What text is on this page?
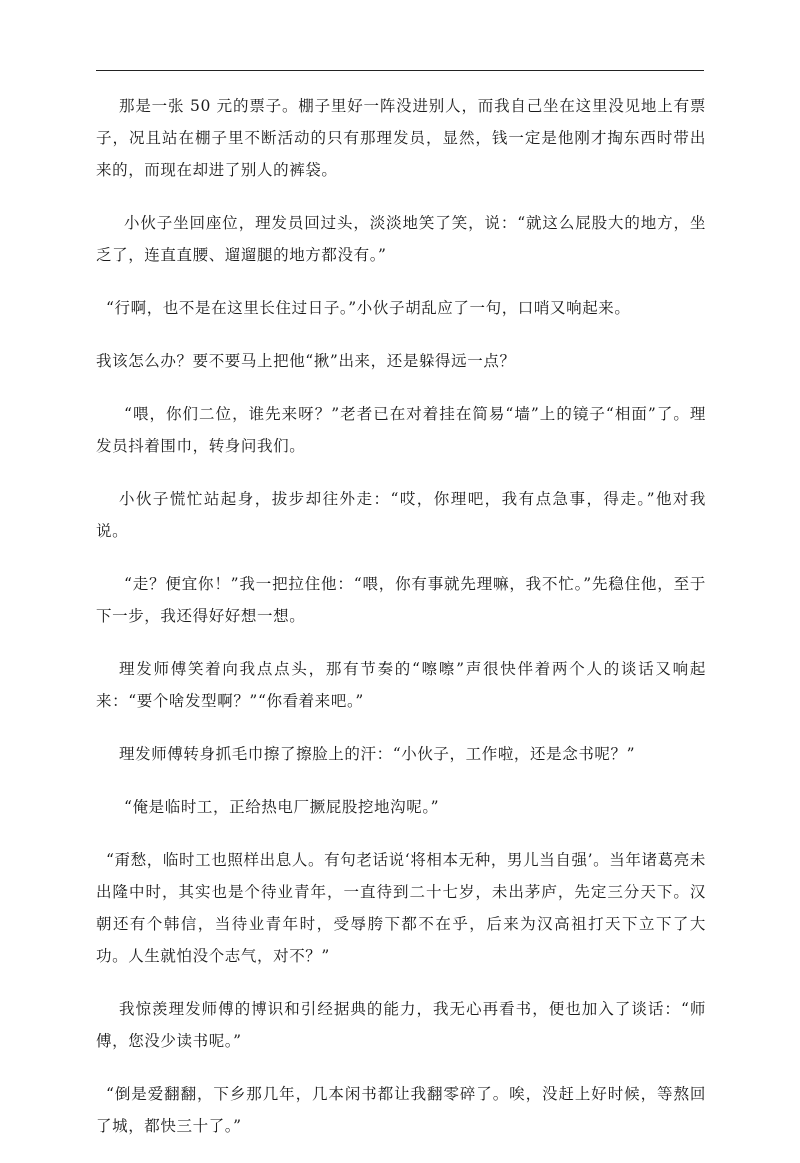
那是一张 50 元的票子。棚子里好一阵没进别人，而我自己坐在这里没见地上有票子，况且站在棚子里不断活动的只有那理发员，显然，钱一定是他刚才掏东西时带出来的，而现在却进了别人的裤袋。

小伙子坐回座位，理发员回过头，淡淡地笑了笑，说：“就这么屁股大的地方，坐乏了，连直直腰、遛遛腿的地方都没有。”

“行啊，也不是在这里长住过日子。”小伙子胡乱应了一句，口哨又响起来。

我该怎么办？要不要马上把他“揪”出来，还是躲得远一点？

“喂，你们二位，谁先来呀？”老者已在对着挂在简易“墙”上的镜子“相面”了。理发员抖着围巾，转身问我们。

小伙子慌忙站起身，拔步却往外走：“哎，你理吧，我有点急事，得走。”他对我说。

“走？便宜你！”我一把拉住他：“喂，你有事就先理嘛，我不忙。”先稳住他，至于下一步，我还得好好想一想。

理发师傅笑着向我点点头，那有节奏的“嚓嚓”声很快伴着两个人的谈话又响起来：“要个啥发型啊？”“你看着来吧。”

理发师傅转身抓毛巾擦了擦脸上的汗：“小伙子，工作啦，还是念书呢？”

“俺是临时工，正给热电厂撅屁股挖地沟呢。”

“甭愁，临时工也照样出息人。有句老话说‘将相本无种，男儿当自强’。当年诸葛亮未出隆中时，其实也是个待业青年，一直待到二十七岁，未出茅庐，先定三分天下。汉朝还有个韩信，当待业青年时，受辱胯下都不在乎，后来为汉高祖打天下立下了大功。人生就怕没个志气，对不？”

我惊羡理发师傅的博识和引经据典的能力，我无心再看书，便也加入了谈话：“师傅，您没少读书呢。”

“倒是爱翻翻，下乡那几年，几本闲书都让我翻零碎了。唉，没赶上好时候，等熬回了城，都快三十了。”
